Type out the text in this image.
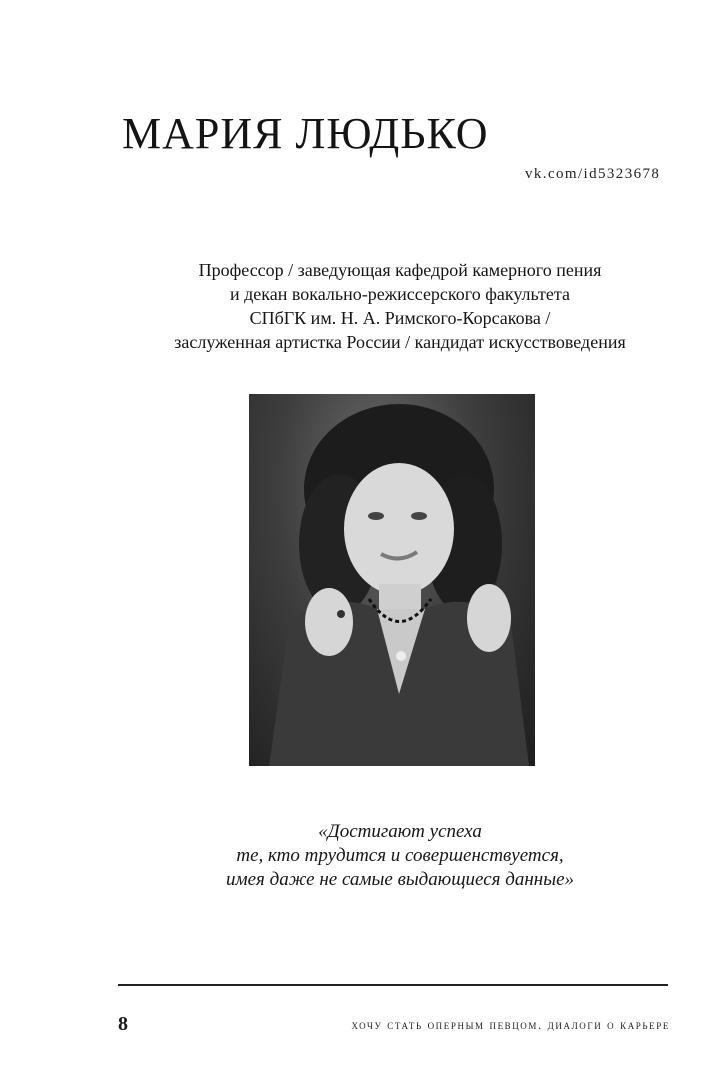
МАРИЯ ЛЮДЬКО
vk.com/id5323678
Профессор / заведующая кафедрой камерного пения
и декан вокально-режиссерского факультета
СПбГК им. Н. А. Римского-Корсакова /
заслуженная артистка России / кандидат искусствоведения
«Достигают успеха
те, кто трудится и совершенствуется,
имея даже не самые выдающиеся данные»
8	хочу стать оперным певцом. диалоги о карьере
